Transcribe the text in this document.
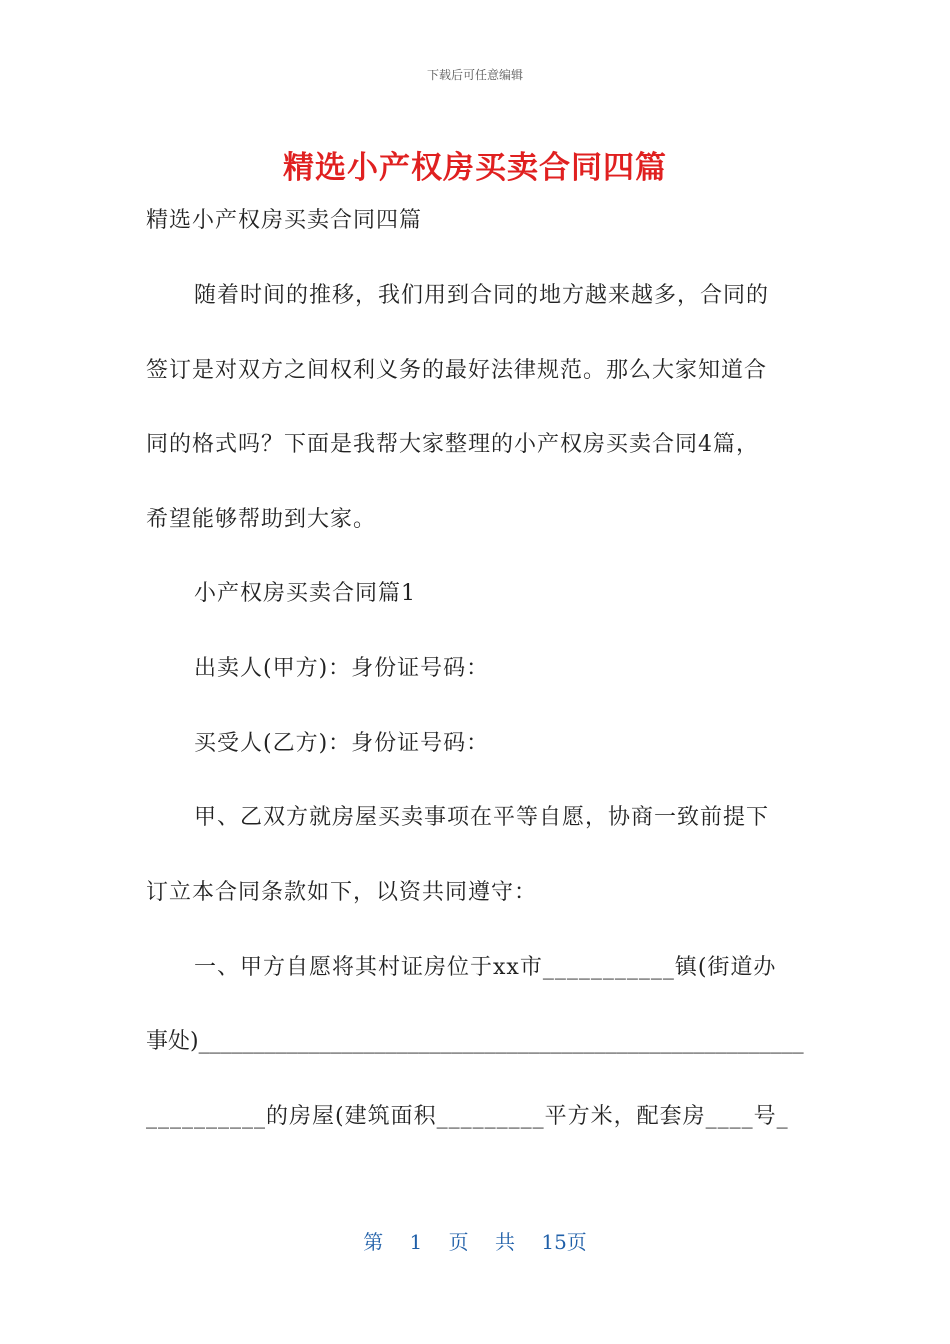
下载后可任意编辑
精选小产权房买卖合同四篇
精选小产权房买卖合同四篇
随着时间的推移，我们用到合同的地方越来越多，合同的
签订是对双方之间权利义务的最好法律规范。那么大家知道合
同的格式吗？下面是我帮大家整理的小产权房买卖合同4篇，
希望能够帮助到大家。
小产权房买卖合同篇1
出卖人(甲方)：身份证号码：
买受人(乙方)：身份证号码：
甲、乙双方就房屋买卖事项在平等自愿，协商一致前提下
订立本合同条款如下，以资共同遵守：
一、甲方自愿将其村证房位于xx市___________镇(街道办
事处)_______________________________________________________
__________的房屋(建筑面积_________平方米，配套房____号_
第 1 页 共 15页
